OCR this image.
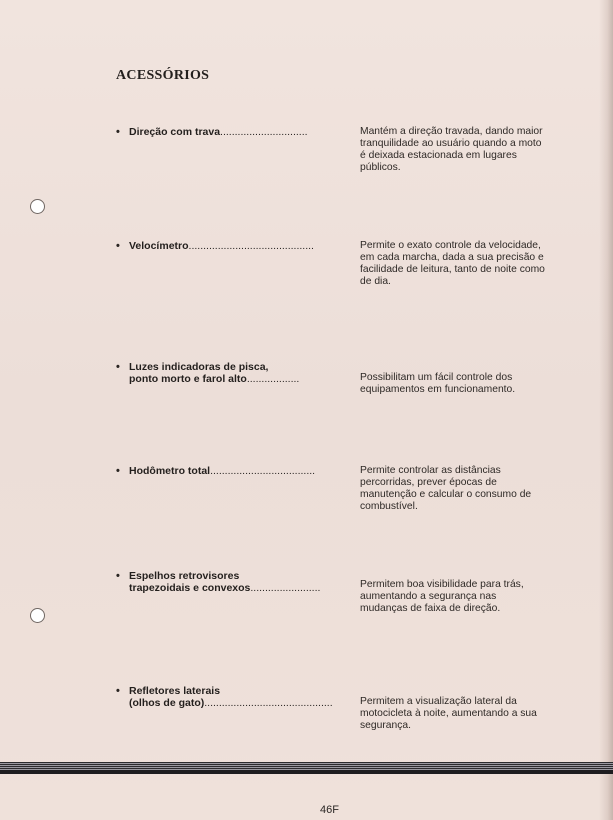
ACESSÓRIOS
• Direção com trava..............................	Mantém a direção travada, dando maior tranquilidade ao usuário quando a moto é deixada estacionada em lugares públicos.
• Velocímetro...........................................	Permite o exato controle da velocidade, em cada marcha, dada a sua precisão e facilidade de leitura, tanto de noite como de dia.
• Luzes indicadoras de pisca,
ponto morto e farol alto..................	Possibilitam um fácil controle dos equipamentos em funcionamento.
• Hodômetro total....................................	Permite controlar as distâncias percorridas, prever épocas de manutenção e calcular o consumo de combustível.
• Espelhos retrovisores
trapezoidais e convexos........................	Permitem boa visibilidade para trás, aumentando a segurança nas mudanças de faixa de direção.
• Refletores laterais
(olhos de gato)............................................	Permitem a visualização lateral da motocicleta à noite, aumentando a sua segurança.
46F
